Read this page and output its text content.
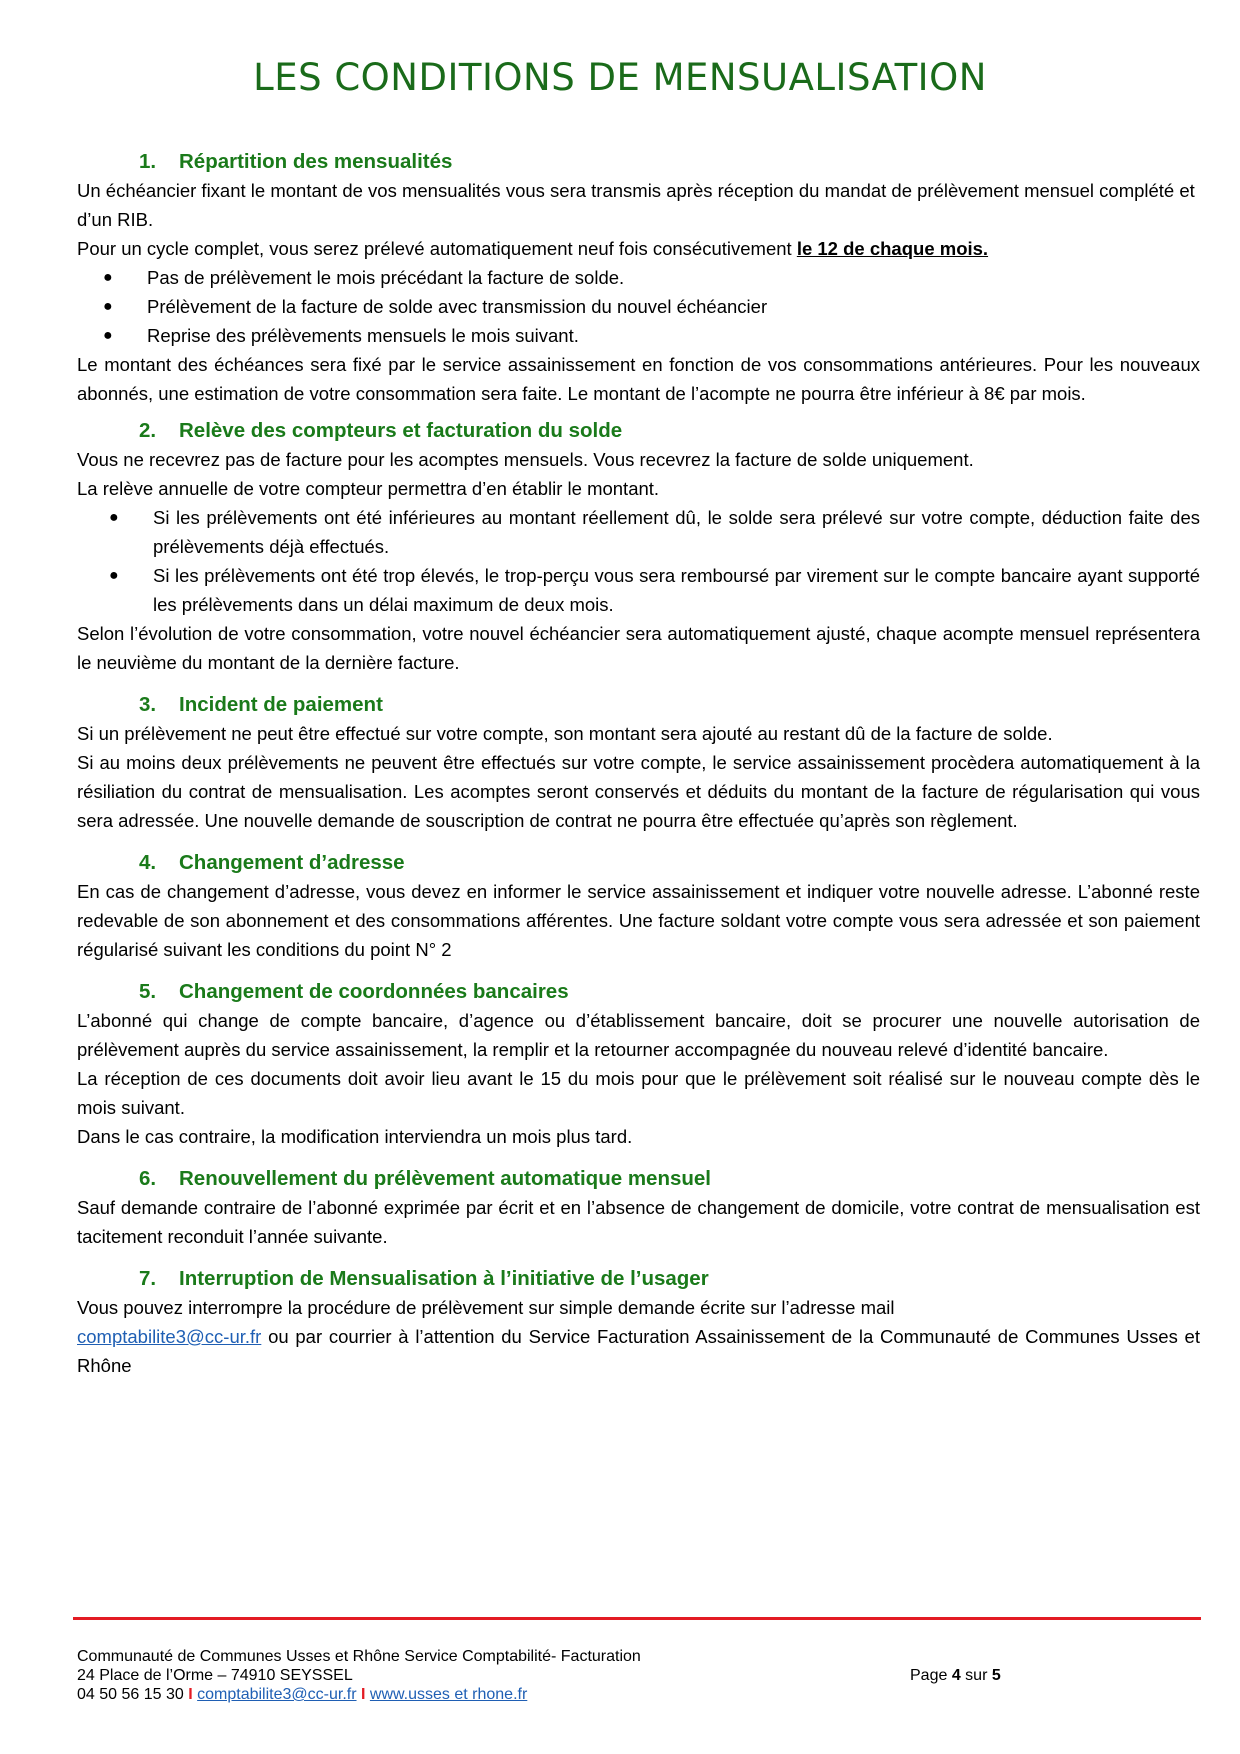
LES CONDITIONS DE MENSUALISATION
1.	Répartition des mensualités

Un échéancier fixant le montant de vos mensualités vous sera transmis après réception du mandat de prélèvement mensuel complété et d’un RIB.

Pour un cycle complet, vous serez prélevé automatiquement neuf fois consécutivement le 12 de chaque mois.

● Pas de prélèvement le mois précédant la facture de solde.
● Prélèvement de la facture de solde avec transmission du nouvel échéancier
● Reprise des prélèvements mensuels le mois suivant.

Le montant des échéances sera fixé par le service assainissement en fonction de vos consommations antérieures. Pour les nouveaux abonnés, une estimation de votre consommation sera faite. Le montant de l’acompte ne pourra être inférieur à 8€ par mois.

2.	Relève des compteurs et facturation du solde

Vous ne recevrez pas de facture pour les acomptes mensuels. Vous recevrez la facture de solde uniquement.

La relève annuelle de votre compteur permettra d’en établir le montant.

● Si les prélèvements ont été inférieures au montant réellement dû, le solde sera prélevé sur votre compte, déduction faite des prélèvements déjà effectués.
● Si les prélèvements ont été trop élevés, le trop-perçu vous sera remboursé par virement sur le compte bancaire ayant supporté les prélèvements dans un délai maximum de deux mois.

Selon l’évolution de votre consommation, votre nouvel échéancier sera automatiquement ajusté, chaque acompte mensuel représentera le neuvième du montant de la dernière facture.

3.	Incident de paiement

Si un prélèvement ne peut être effectué sur votre compte, son montant sera ajouté au restant dû de la facture de solde.

Si au moins deux prélèvements ne peuvent être effectués sur votre compte, le service assainissement procèdera automatiquement à la résiliation du contrat de mensualisation. Les acomptes seront conservés et déduits du montant de la facture de régularisation qui vous sera adressée. Une nouvelle demande de souscription de contrat ne pourra être effectuée qu’après son règlement.

4.	Changement d’adresse

En cas de changement d’adresse, vous devez en informer le service assainissement et indiquer votre nouvelle adresse. L’abonné reste redevable de son abonnement et des consommations afférentes. Une facture soldant votre compte vous sera adressée et son paiement régularisé suivant les conditions du point N° 2

5.	Changement de coordonnées bancaires

L’abonné qui change de compte bancaire, d’agence ou d’établissement bancaire, doit se procurer une nouvelle autorisation de prélèvement auprès du service assainissement, la remplir et la retourner accompagnée du nouveau relevé d’identité bancaire.

La réception de ces documents doit avoir lieu avant le 15 du mois pour que le prélèvement soit réalisé sur le nouveau compte dès le mois suivant.

Dans le cas contraire, la modification interviendra un mois plus tard.

6.	Renouvellement du prélèvement automatique mensuel

Sauf demande contraire de l’abonné exprimée par écrit et en l’absence de changement de domicile, votre contrat de mensualisation est tacitement reconduit l’année suivante.

7.	Interruption de Mensualisation à l’initiative de l’usager

Vous pouvez interrompre la procédure de prélèvement sur simple demande écrite sur l’adresse mail

comptabilite3@cc-ur.fr ou par courrier à l’attention du Service Facturation Assainissement de la Communauté de Communes Usses et Rhône

Communauté de Communes Usses et Rhône Service Comptabilité- Facturation
24 Place de l’Orme – 74910 SEYSSEL
04 50 56 15 30 I comptabilite3@cc-ur.fr I www.usses et rhone.fr
Page 4 sur 5
